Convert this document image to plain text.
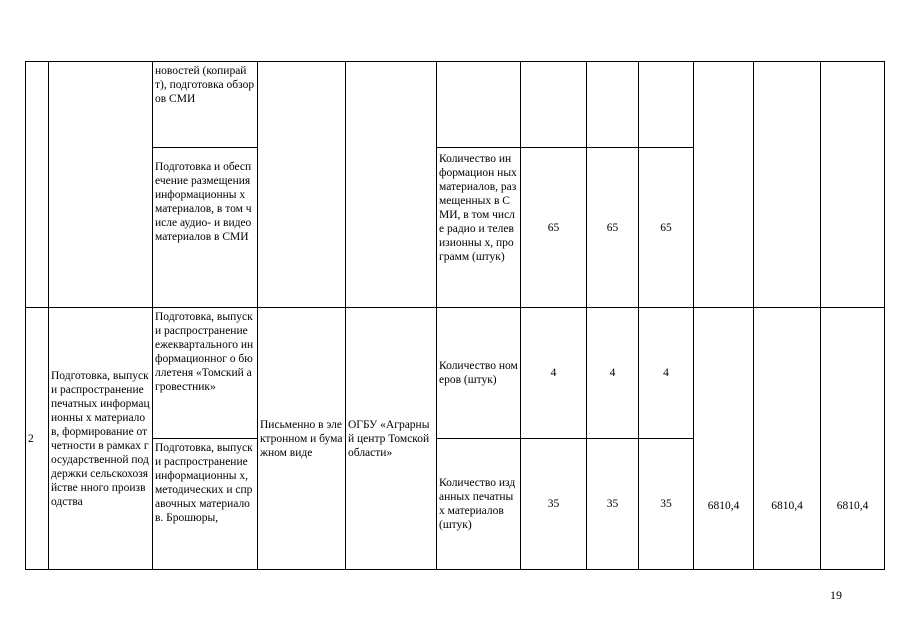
		новостей (копирайт), подготовка обзоров СМИ									
		Подготовка и обеспечение размещения информационны х материалов, в том числе аудио- и видеоматериалов в СМИ			Количество информацион ных материалов, размещенных в СМИ, в том числе радио и телевизионны х, программ (штук)	65	65	65			
2	Подготовка, выпуск и распространение печатных информационны х материалов, формирование отчетности в рамках государственной поддержки сельскохозяйстве нного производства	Подготовка, выпуск и распространение ежеквартального информационног о бюллетеня «Томский агровестник»	Письменно в электронном и бумажном виде	ОГБУ «Аграрный центр Томской области»	Количество номеров (штук)	4	4	4	6810,4	6810,4	6810,4
		Подготовка, выпуск и распространение информационны х, методических и справочных материалов. Брошюры,			Количество изданных печатных материалов (штук)	35	35	35			
19
